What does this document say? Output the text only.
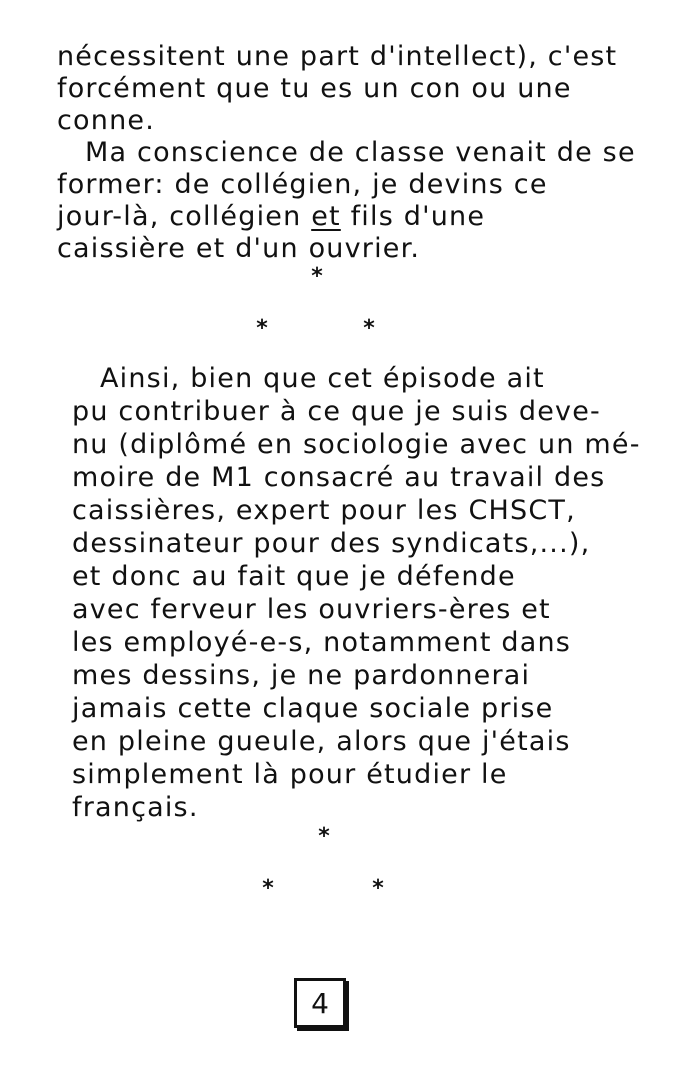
nécessitent une part d'intellect), c'est
forcément que tu es un con ou une
conne.
Ma conscience de classe venait de se
former: de collégien, je devins ce
jour-là, collégien et fils d'une
caissière et d'un ouvrier.
*
*	*
Ainsi, bien que cet épisode ait
pu contribuer à ce que je suis deve-
nu (diplômé en sociologie avec un mé-
moire de M1 consacré au travail des
caissières, expert pour les CHSCT,
dessinateur pour des syndicats,...),
et donc au fait que je défende
avec ferveur les ouvriers-ères et
les employé-e-s, notamment dans
mes dessins, je ne pardonnerai
jamais cette claque sociale prise
en pleine gueule, alors que j'étais
simplement là pour étudier le
français.
*
*	*
4
